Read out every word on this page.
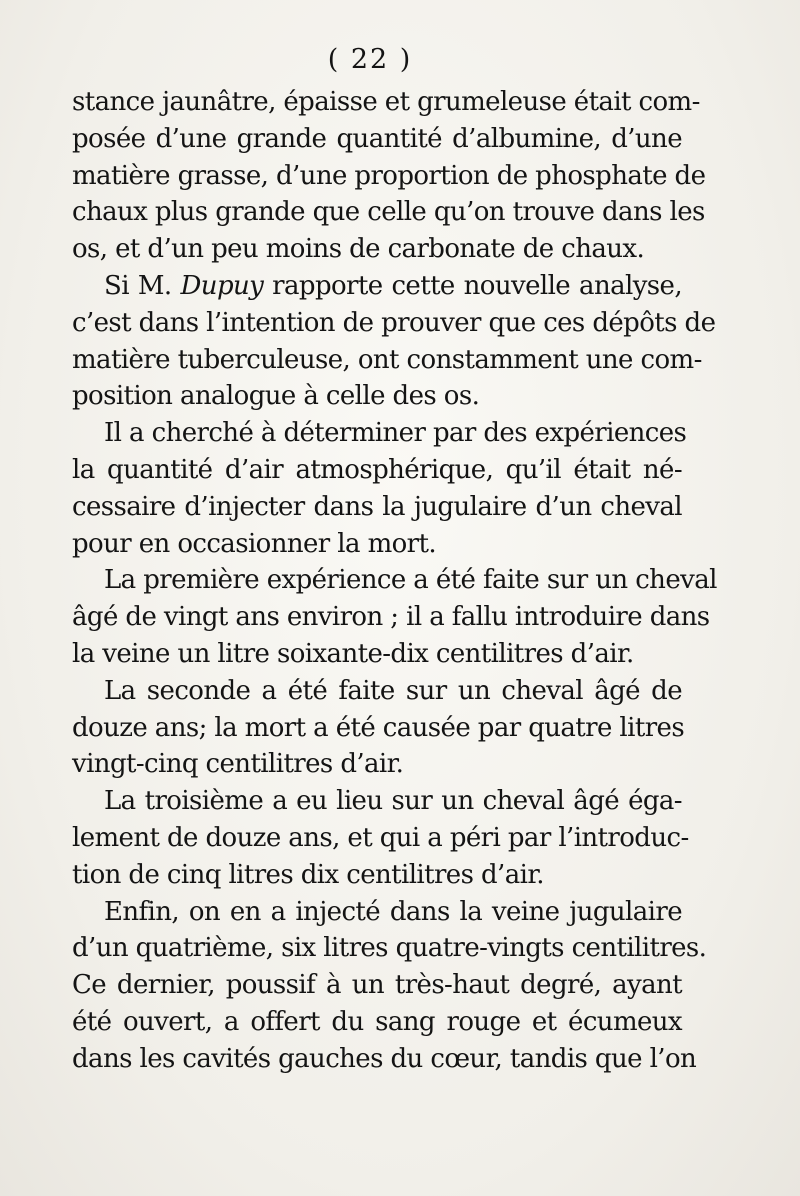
( 22 )
stance jaunâtre, épaisse et grumeleuse était com-
posée d’une grande quantité d’albumine, d’une
matière grasse, d’une proportion de phosphate de
chaux plus grande que celle qu’on trouve dans les
os, et d’un peu moins de carbonate de chaux.
Si M. Dupuy rapporte cette nouvelle analyse,
c’est dans l’intention de prouver que ces dépôts de
matière tuberculeuse, ont constamment une com-
position analogue à celle des os.
Il a cherché à déterminer par des expériences
la quantité d’air atmosphérique, qu’il était né-
cessaire d’injecter dans la jugulaire d’un cheval
pour en occasionner la mort.
La première expérience a été faite sur un cheval
âgé de vingt ans environ ; il a fallu introduire dans
la veine un litre soixante-dix centilitres d’air.
La seconde a été faite sur un cheval âgé de
douze ans; la mort a été causée par quatre litres
vingt-cinq centilitres d’air.
La troisième a eu lieu sur un cheval âgé éga-
lement de douze ans, et qui a péri par l’introduc-
tion de cinq litres dix centilitres d’air.
Enfin, on en a injecté dans la veine jugulaire
d’un quatrième, six litres quatre-vingts centilitres.
Ce dernier, poussif à un très-haut degré, ayant
été ouvert, a offert du sang rouge et écumeux
dans les cavités gauches du cœur, tandis que l’on
